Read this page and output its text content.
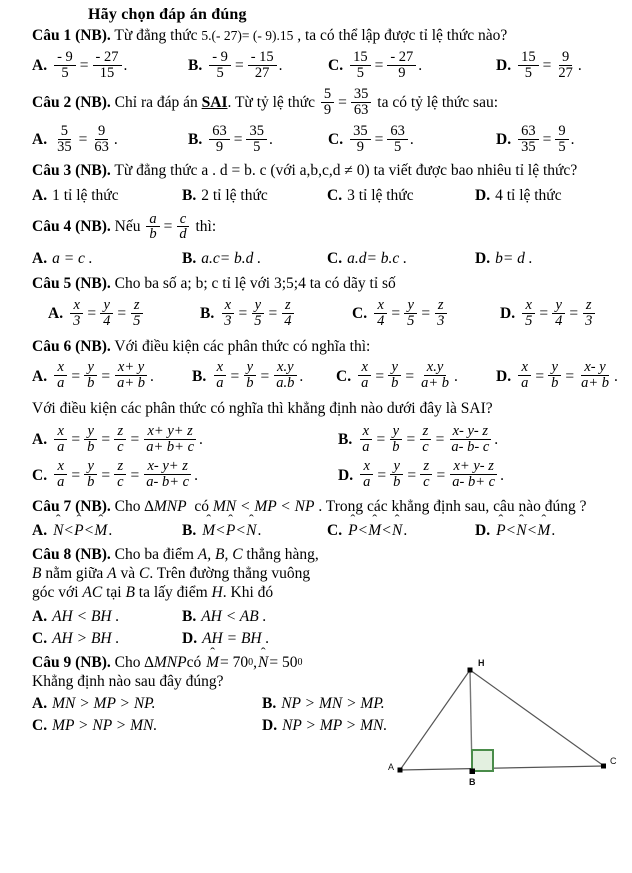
Hãy chọn đáp án đúng
Câu 1 (NB). Từ đẳng thức 5.(- 27)= (- 9).15 , ta có thể lập được tỉ lệ thức nào?
A. $\frac{- 9}{5} = \frac{- 27}{15}$ .	B. $\frac{- 9}{5} = \frac{- 15}{27}$ .	C. $\frac{15}{5} = \frac{- 27}{9}$ .	D. $\frac{15}{5} = \frac{9}{27}$ .
Câu 2 (NB).
Chỉ ra đáp án
SAI . Từ tỷ lệ thức
$\frac{5}{9} = \frac{35}{63}$
ta có tỷ lệ thức sau:
A. $\frac{5}{35} = \frac{9}{63}$ .	B. $\frac{63}{9} = \frac{35}{5}$ .	C. $\frac{35}{9} = \frac{63}{5}$ .	D. $\frac{63}{35} = \frac{9}{5}$ .
Câu 3 (NB). Từ đẳng thức a . d = b. c (với a,b,c,d ≠ 0) ta viết được bao nhiêu tỉ lệ thức?
A. 1 tỉ lệ thức	B. 2 tỉ lệ thức	C. 3 tỉ lệ thức	D. 4 tỉ lệ thức
Câu 4 (NB).
Nếu
$\frac{a}{b} = \frac{c}{d}$
thì:
A. a = c .	B. a.c= b.d .	C. a.d= b.c .	D. b= d .
Câu 5 (NB). Cho ba số a; b; c tỉ lệ với 3;5;4 ta có dãy tỉ số
A. $\frac{x}{3} = \frac{y}{4} = \frac{z}{5}$	B. $\frac{x}{3} = \frac{y}{5} = \frac{z}{4}$	C. $\frac{x}{4} = \frac{y}{5} = \frac{z}{3}$	D. $\frac{x}{5} = \frac{y}{4} = \frac{z}{3}$
Câu 6 (NB). Với điều kiện các phân thức có nghĩa thì:
A. $\frac{x}{a} = \frac{y}{b} = \frac{x+ y}{a+ b}$ . B. $\frac{x}{a} = \frac{y}{b} = \frac{x.y}{a.b}$ . C. $\frac{x}{a} = \frac{y}{b} = \frac{x.y}{a+ b}$ . D. $\frac{x}{a} = \frac{y}{b} = \frac{x- y}{a+ b}$ .
Với điều kiện các phân thức có nghĩa thì khẳng định nào dưới đây là SAI?
A. $\frac{x}{a} = \frac{y}{b} = \frac{z}{c} = \frac{x+ y+ z}{a+ b+ c}$ .	B. $\frac{x}{a} = \frac{y}{b} = \frac{z}{c} = \frac{x- y- z}{a- b- c}$ .
C. $\frac{x}{a} = \frac{y}{b} = \frac{z}{c} = \frac{x- y+ z}{a- b+ c}$ .	D. $\frac{x}{a} = \frac{y}{b} = \frac{z}{c} = \frac{x+ y- z}{a- b+ c}$ .
Câu 7 (NB). Cho ∆MNP có MN < MP < NP . Trong các khẳng định sau, câu nào đúng ?
A. ˆ N < ˆ P < ˆ M .	B. ˆ M < ˆ P < ˆ N .	C. ˆ P < ˆ M < ˆ N .	D. ˆ P < ˆ N < ˆ M .
Câu 8 (NB). Cho ba điểm A, B, C thẳng hàng,
B nằm giữa A và C. Trên đường thẳng vuông
góc với AC tại B ta lấy điểm H. Khi đó
A. AH < BH .	B. AH < AB .
C. AH > BH .	D. AH = BH .
Câu 9 (NB).
Cho
∆MNP có
ˆ M = 70 0 , ˆ N = 50 0
Khẳng định nào sau đây đúng?
A. MN > MP > NP.	B. NP > MN > MP.
C. MP > NP > MN.	D. NP > MP > MN.
H
A
B
C
